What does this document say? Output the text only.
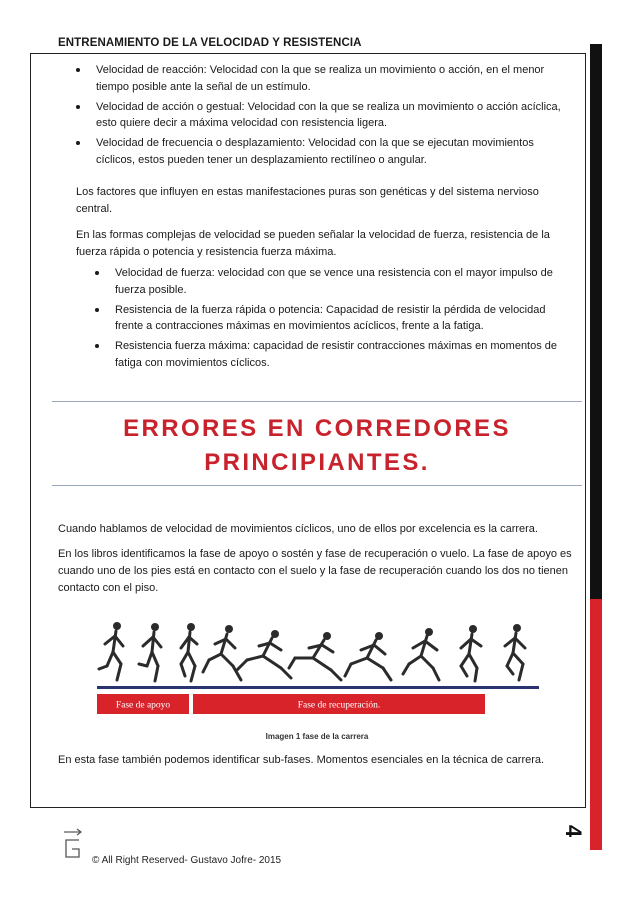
ENTRENAMIENTO DE LA VELOCIDAD Y RESISTENCIA
4
Velocidad de reacción: Velocidad con la que se realiza un movimiento o acción, en el menor tiempo posible ante la señal de un estímulo.
Velocidad de acción o gestual: Velocidad con la que se realiza un movimiento o acción acíclica, esto quiere decir a máxima velocidad con resistencia ligera.
Velocidad de frecuencia o desplazamiento: Velocidad con la que se ejecutan movimientos cíclicos, estos pueden tener un desplazamiento rectilíneo o angular.

Los factores que influyen en estas manifestaciones puras son genéticas y del sistema nervioso central.

En las formas complejas de velocidad se pueden señalar la velocidad de fuerza, resistencia de la fuerza rápida o potencia y resistencia fuerza máxima.

Velocidad de fuerza: velocidad con que se vence una resistencia con el mayor impulso de fuerza posible.
Resistencia de la fuerza rápida o potencia: Capacidad de resistir la pérdida de velocidad frente a contracciones máximas en movimientos acíclicos, frente a la fatiga.
Resistencia fuerza máxima: capacidad de resistir contracciones máximas en momentos de fatiga con movimientos cíclicos.
ERRORES EN CORREDORES PRINCIPIANTES.

Cuando hablamos de velocidad de movimientos cíclicos, uno de ellos por excelencia es la carrera.

En los libros identificamos la fase de apoyo o sostén y fase de recuperación o vuelo. La fase de apoyo es cuando uno de los pies está en contacto con el suelo y la fase de recuperación cuando los dos no tienen contacto con el piso.

Fase de apoyo	Fase de recuperación.
Imagen 1 fase de la carrera

En esta fase también podemos identificar sub-fases. Momentos esenciales en la técnica de carrera.

© All Right Reserved- Gustavo Jofre- 2015
